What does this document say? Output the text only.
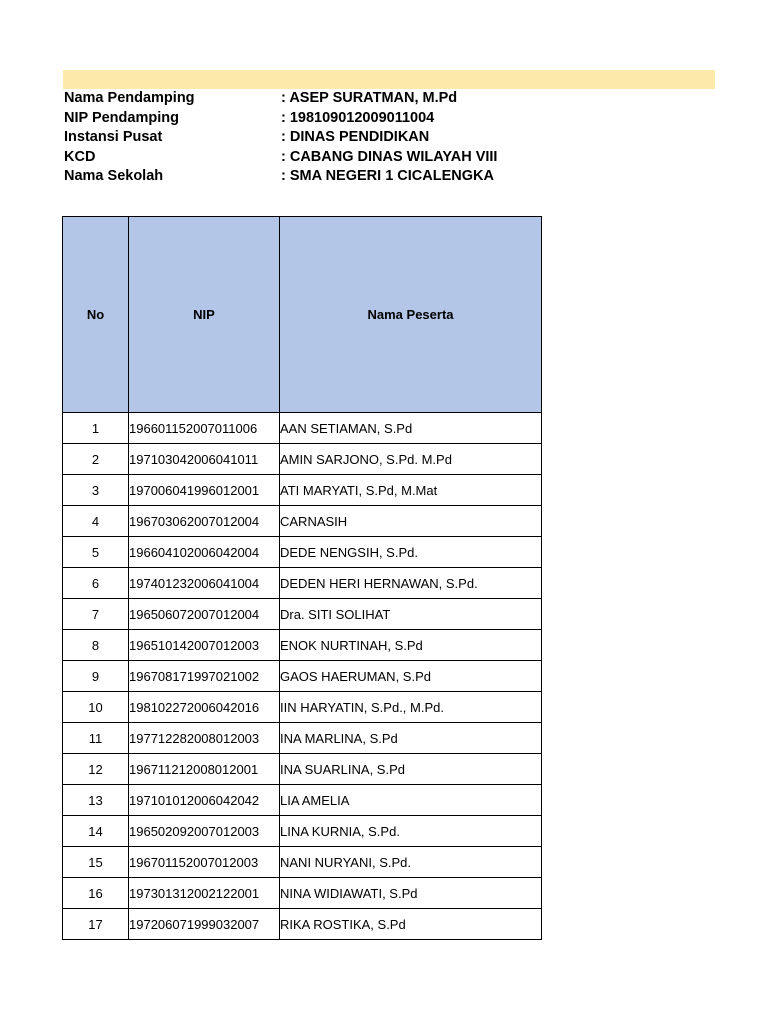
Nama Pendamping	: ASEP SURATMAN, M.Pd
NIP Pendamping	: 198109012009011004
Instansi Pusat	: DINAS PENDIDIKAN
KCD	: CABANG DINAS WILAYAH VIII
Nama Sekolah	: SMA NEGERI 1 CICALENGKA
No	NIP	Nama Peserta
1	196601152007011006	AAN SETIAMAN, S.Pd
2	197103042006041011	AMIN SARJONO, S.Pd. M.Pd
3	197006041996012001	ATI MARYATI, S.Pd, M.Mat
4	196703062007012004	CARNASIH
5	196604102006042004	DEDE NENGSIH, S.Pd.
6	197401232006041004	DEDEN HERI HERNAWAN, S.Pd.
7	196506072007012004	Dra. SITI SOLIHAT
8	196510142007012003	ENOK NURTINAH, S.Pd
9	196708171997021002	GAOS HAERUMAN, S.Pd
10	198102272006042016	IIN HARYATIN, S.Pd., M.Pd.
11	197712282008012003	INA MARLINA, S.Pd
12	196711212008012001	INA SUARLINA, S.Pd
13	197101012006042042	LIA AMELIA
14	196502092007012003	LINA KURNIA, S.Pd.
15	196701152007012003	NANI NURYANI, S.Pd.
16	197301312002122001	NINA WIDIAWATI, S.Pd
17	197206071999032007	RIKA ROSTIKA, S.Pd
